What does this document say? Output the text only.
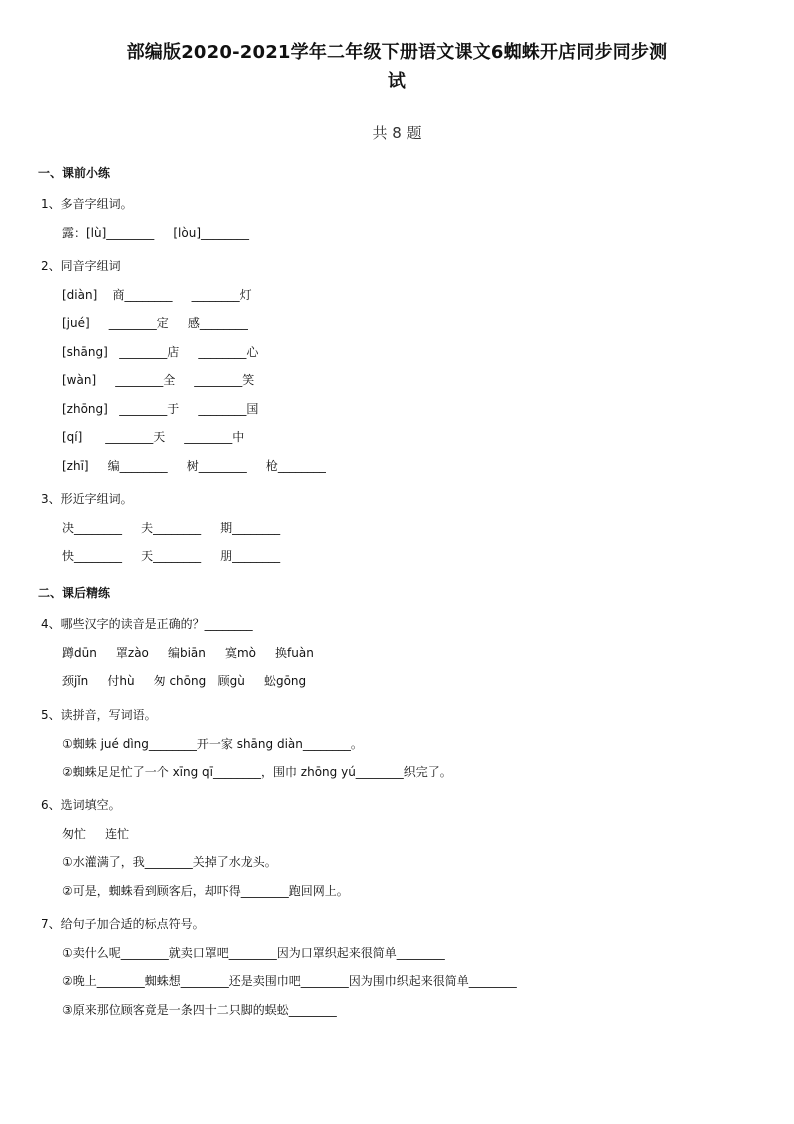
部编版2020-2021学年二年级下册语文课文6蜘蛛开店同步同步测
试
共 8 题
一、课前小练
1、多音字组词。
露：[lù]________     [lòu]________
2、同音字组词
[diàn]    商________     ________灯
[jué]     ________定     感________
[shāng]   ________店     ________心
[wàn]     ________全     ________笑
[zhōng]   ________于     ________国
[qí]      ________天     ________中
[zhī]     编________     树________     枪________
3、形近字组词。
决________     夫________     期________
快________     天________     朋________
二、课后精练
4、哪些汉字的读音是正确的？________
蹲dūn     罩zào     编biān     寞mò     换fuàn
颈jǐn     付hù     匆 chōng   顾gù     蚣gōng
5、读拼音，写词语。
①蜘蛛 jué dìng________开一家 shāng diàn________。
②蜘蛛足足忙了一个 xīng qī________，围巾 zhōng yú________织完了。
6、选词填空。
匆忙     连忙
①水灌满了，我________关掉了水龙头。
②可是，蜘蛛看到顾客后，却吓得________跑回网上。
7、给句子加合适的标点符号。
①卖什么呢________就卖口罩吧________因为口罩织起来很简单________
②晚上________蜘蛛想________还是卖围巾吧________因为围巾织起来很简单________
③原来那位顾客竟是一条四十二只脚的蜈蚣________
